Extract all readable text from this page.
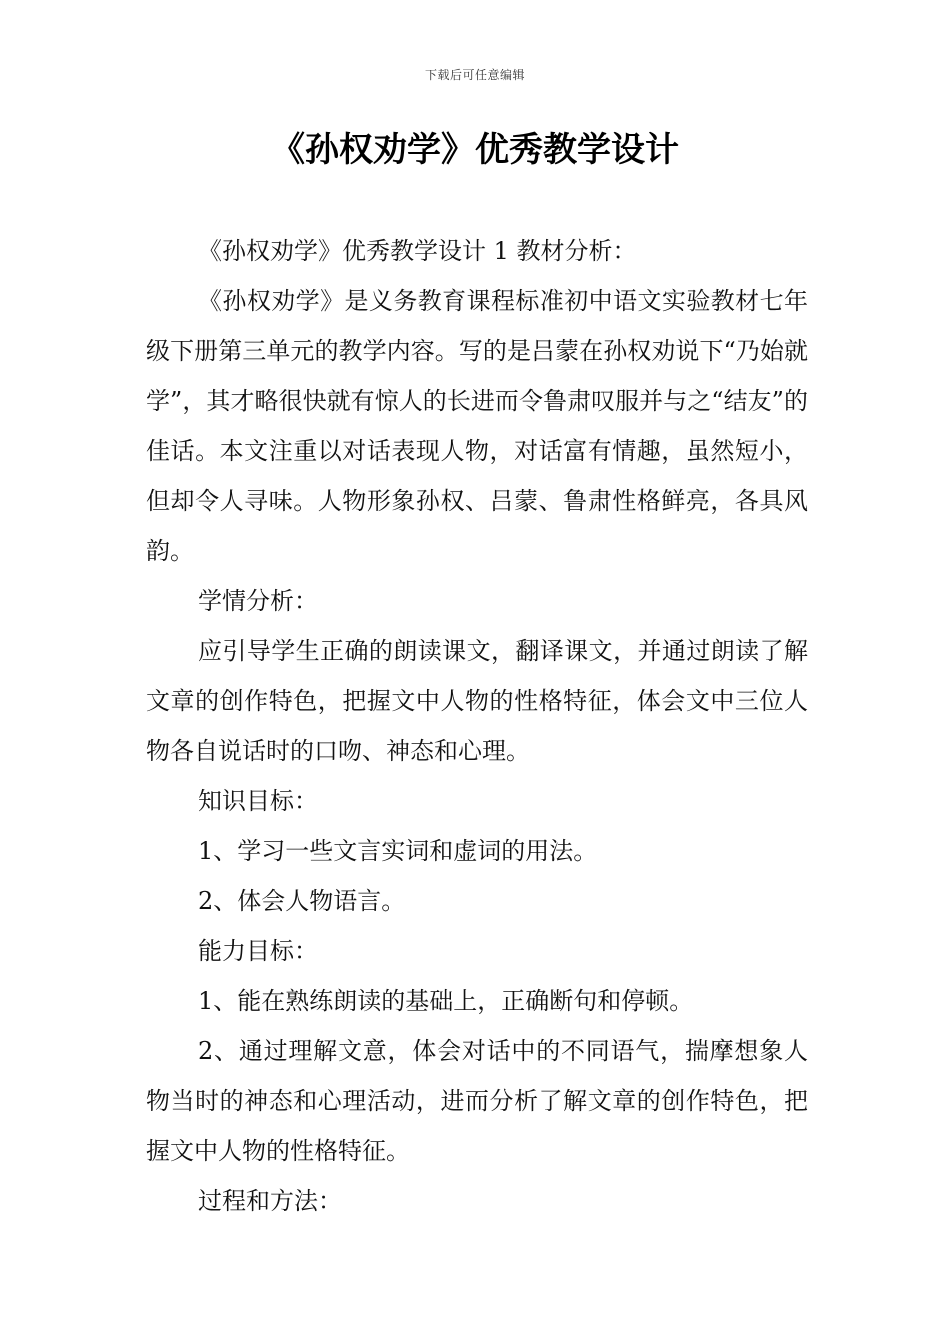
下载后可任意编辑
《孙权劝学》优秀教学设计

《孙权劝学》优秀教学设计 1 教材分析：

《孙权劝学》是义务教育课程标准初中语文实验教材七年级下册第三单元的教学内容。写的是吕蒙在孙权劝说下“乃始就学”，其才略很快就有惊人的长进而令鲁肃叹服并与之“结友”的佳话。本文注重以对话表现人物，对话富有情趣，虽然短小，但却令人寻味。人物形象孙权、吕蒙、鲁肃性格鲜亮，各具风韵。

学情分析：

应引导学生正确的朗读课文，翻译课文，并通过朗读了解文章的创作特色，把握文中人物的性格特征，体会文中三位人物各自说话时的口吻、神态和心理。

知识目标：

1、学习一些文言实词和虚词的用法。

2、体会人物语言。

能力目标：

1、能在熟练朗读的基础上，正确断句和停顿。

2、通过理解文意，体会对话中的不同语气，揣摩想象人物当时的神态和心理活动，进而分析了解文章的创作特色，把握文中人物的性格特征。

过程和方法：
